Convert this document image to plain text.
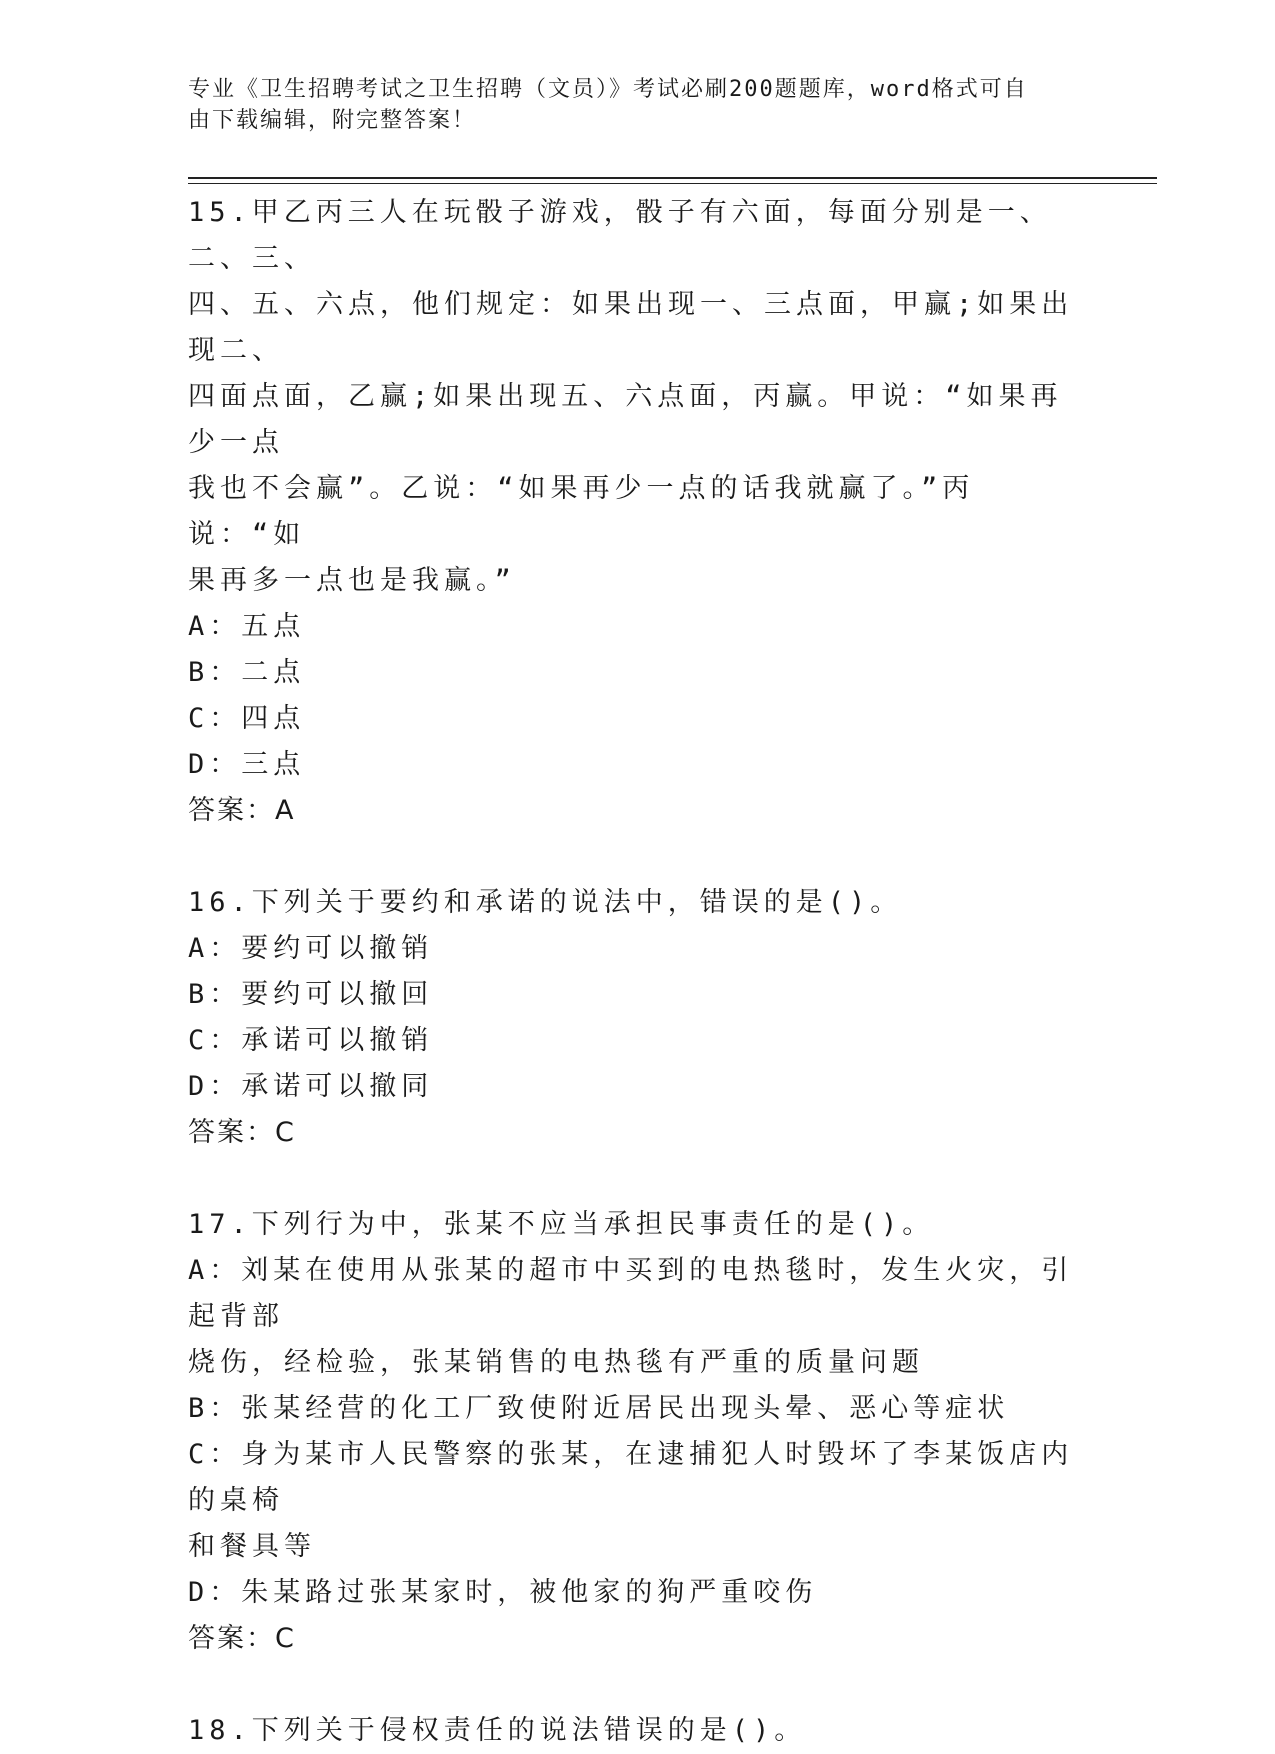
专业《卫生招聘考试之卫生招聘（文员）》考试必刷200题题库，word格式可自
由下载编辑，附完整答案！

15.甲乙丙三人在玩骰子游戏，骰子有六面，每面分别是一、二、三、

四、五、六点，他们规定：如果出现一、三点面，甲赢;如果出现二、

四面点面，乙赢;如果出现五、六点面，丙赢。甲说：“如果再少一点

我也不会赢”。乙说：“如果再少一点的话我就赢了。”丙说：“如

果再多一点也是我赢。”

A：五点

B：二点

C：四点

D：三点

答案：A

16.下列关于要约和承诺的说法中，错误的是()。

A：要约可以撤销

B：要约可以撤回

C：承诺可以撤销

D：承诺可以撤同

答案：C

17.下列行为中，张某不应当承担民事责任的是()。

A：刘某在使用从张某的超市中买到的电热毯时，发生火灾，引起背部

烧伤，经检验，张某销售的电热毯有严重的质量问题

B：张某经营的化工厂致使附近居民出现头晕、恶心等症状

C：身为某市人民警察的张某，在逮捕犯人时毁坏了李某饭店内的桌椅

和餐具等

D：朱某路过张某家时，被他家的狗严重咬伤

答案：C

18.下列关于侵权责任的说法错误的是()。
